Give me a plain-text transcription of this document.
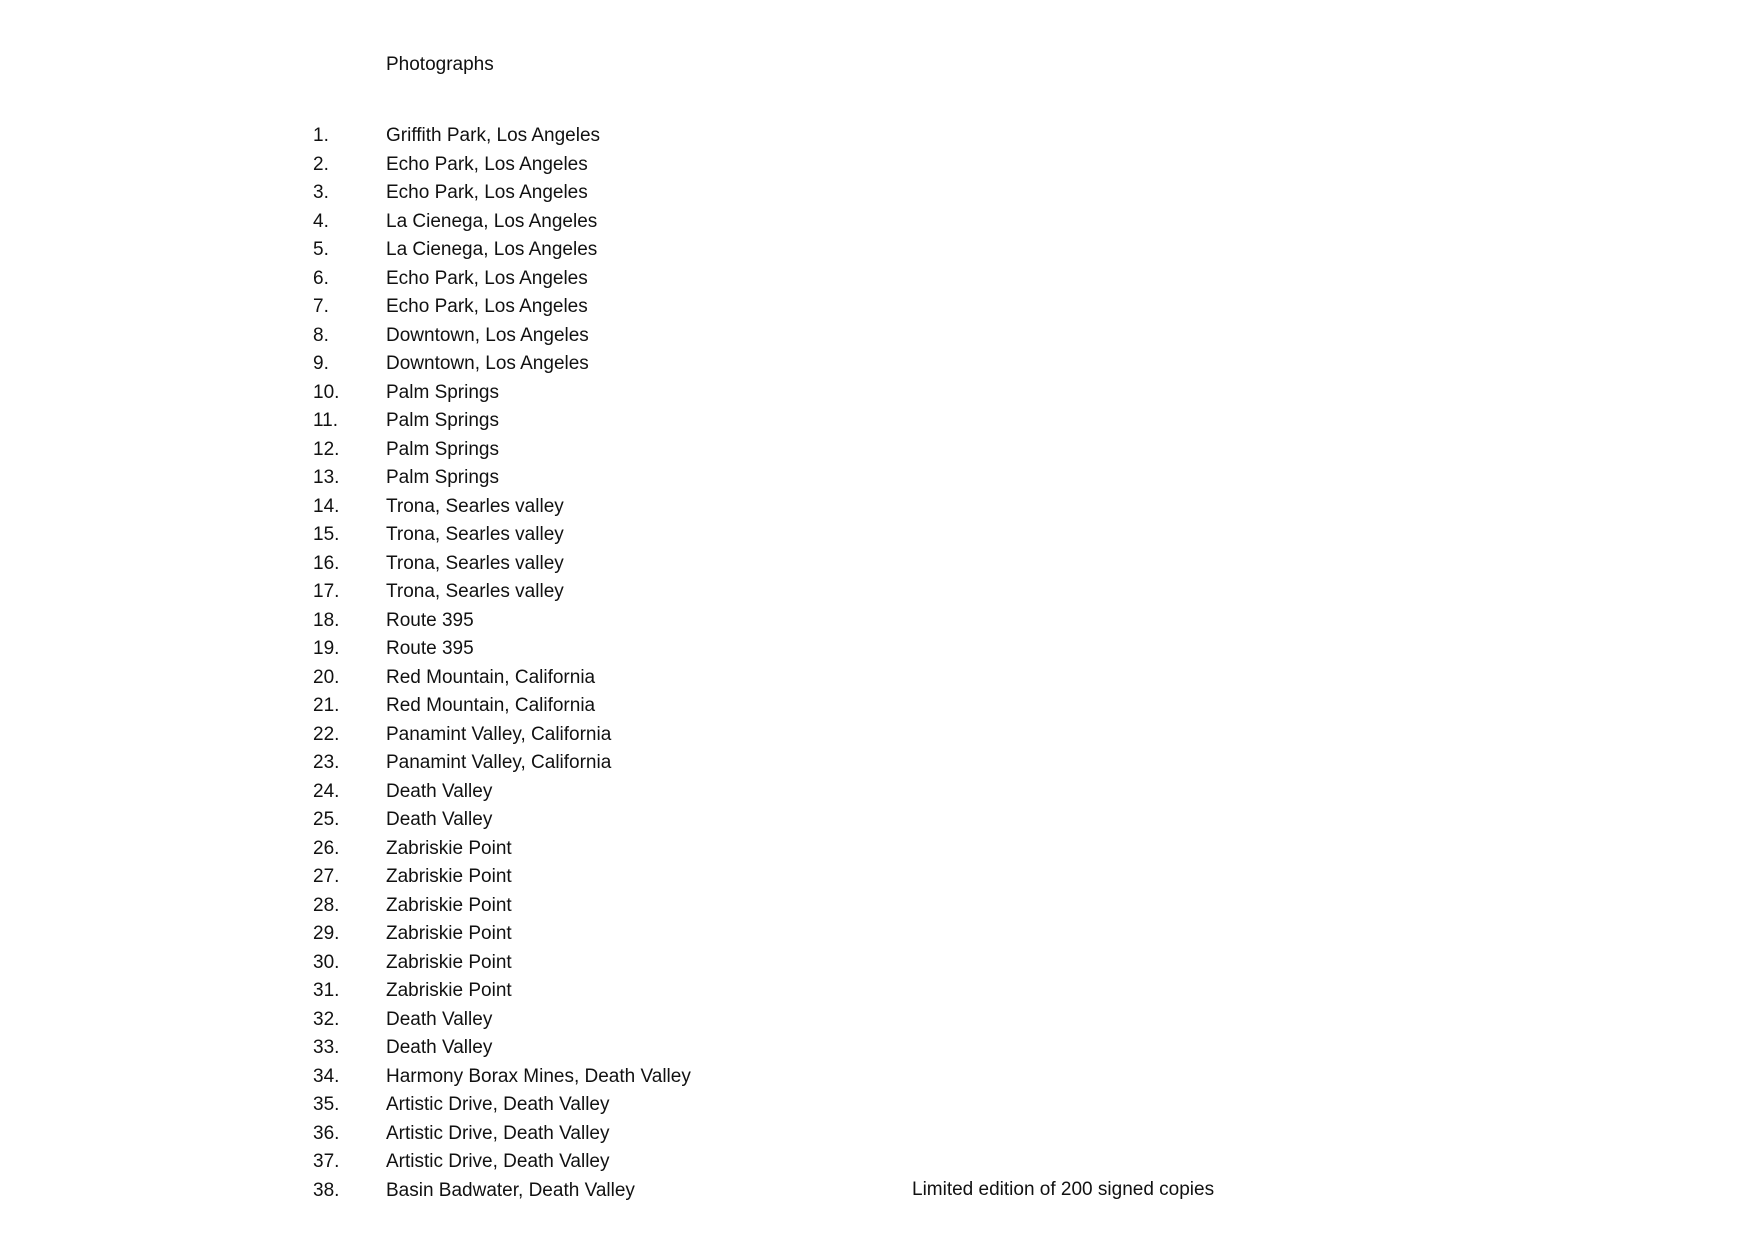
Photographs
1.	Griffith Park, Los Angeles
2.	Echo Park, Los Angeles
3.	Echo Park, Los Angeles
4.	La Cienega, Los Angeles
5.	La Cienega, Los Angeles
6.	Echo Park, Los Angeles
7.	Echo Park, Los Angeles
8.	Downtown, Los Angeles
9.	Downtown, Los Angeles
10. Palm Springs
11.	Palm Springs
12. Palm Springs
13. Palm Springs
14. Trona, Searles valley
15. Trona, Searles valley
16. Trona, Searles valley
17. Trona, Searles valley
18. Route 395
19. Route 395
20. Red Mountain, California
21. Red Mountain, California
22. Panamint Valley, California
23. Panamint Valley, California
24. Death Valley
25. Death Valley
26. Zabriskie Point
27. Zabriskie Point
28. Zabriskie Point
29. Zabriskie Point
30. Zabriskie Point
31. Zabriskie Point
32. Death Valley
33. Death Valley
34. Harmony Borax Mines, Death Valley
35. Artistic Drive, Death Valley
36. Artistic Drive, Death Valley
37. Artistic Drive, Death Valley
38. Basin Badwater, Death Valley	Limited edition of 200 signed copies
